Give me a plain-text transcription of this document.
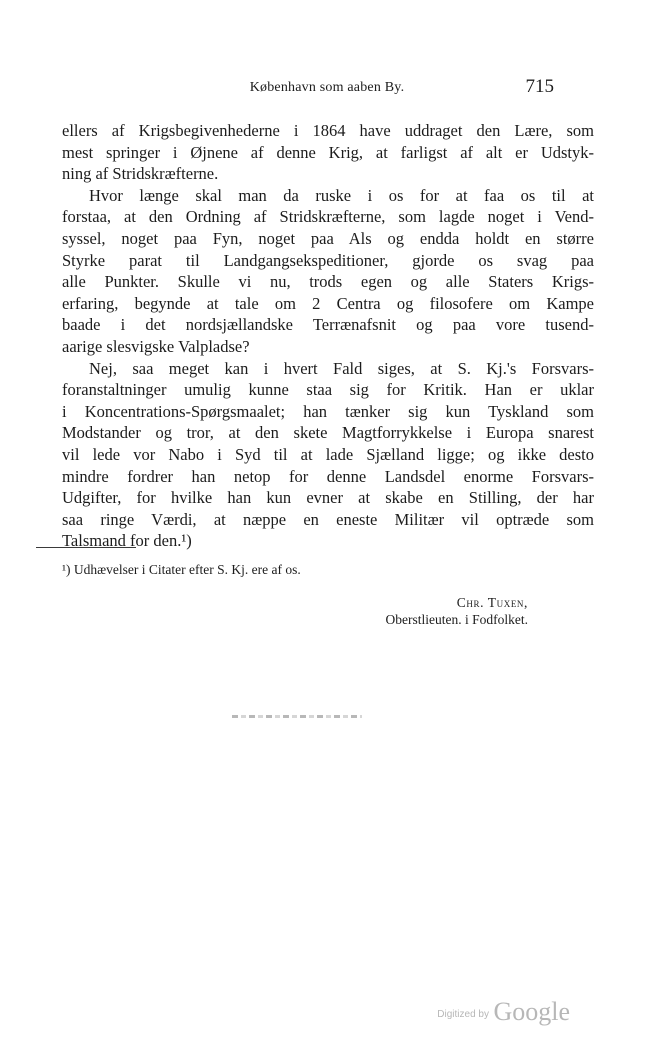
København som aaben By.	715
ellers af Krigsbegivenhederne i 1864 have uddraget den Lære, som
mest springer i Øjnene af denne Krig, at farligst af alt er Udstyk-
ning af Stridskræfterne.
Hvor længe skal man da ruske i os for at faa os til at
forstaa, at den Ordning af Stridskræfterne, som lagde noget i Vend-
syssel, noget paa Fyn, noget paa Als og endda holdt en større
Styrke parat til Landgangsekspeditioner, gjorde os svag paa
alle Punkter. Skulle vi nu, trods egen og alle Staters Krigs-
erfaring, begynde at tale om 2 Centra og filosofere om Kampe
baade i det nordsjællandske Terrænafsnit og paa vore tusend-
aarige slesvigske Valpladse?
Nej, saa meget kan i hvert Fald siges, at S. Kj.'s Forsvars-
foranstaltninger umulig kunne staa sig for Kritik. Han er uklar
i Koncentrations-Spørgsmaalet; han tænker sig kun Tyskland som
Modstander og tror, at den skete Magtforrykkelse i Europa snarest
vil lede vor Nabo i Syd til at lade Sjælland ligge; og ikke desto
mindre fordrer han netop for denne Landsdel enorme Forsvars-
Udgifter, for hvilke han kun evner at skabe en Stilling, der har
saa ringe Værdi, at næppe en eneste Militær vil optræde som
Talsmand for den.¹)
¹) Udhævelser i Citater efter S. Kj. ere af os.
Chr. Tuxen,
Oberstlieuten. i Fodfolket.
Digitized by Google
